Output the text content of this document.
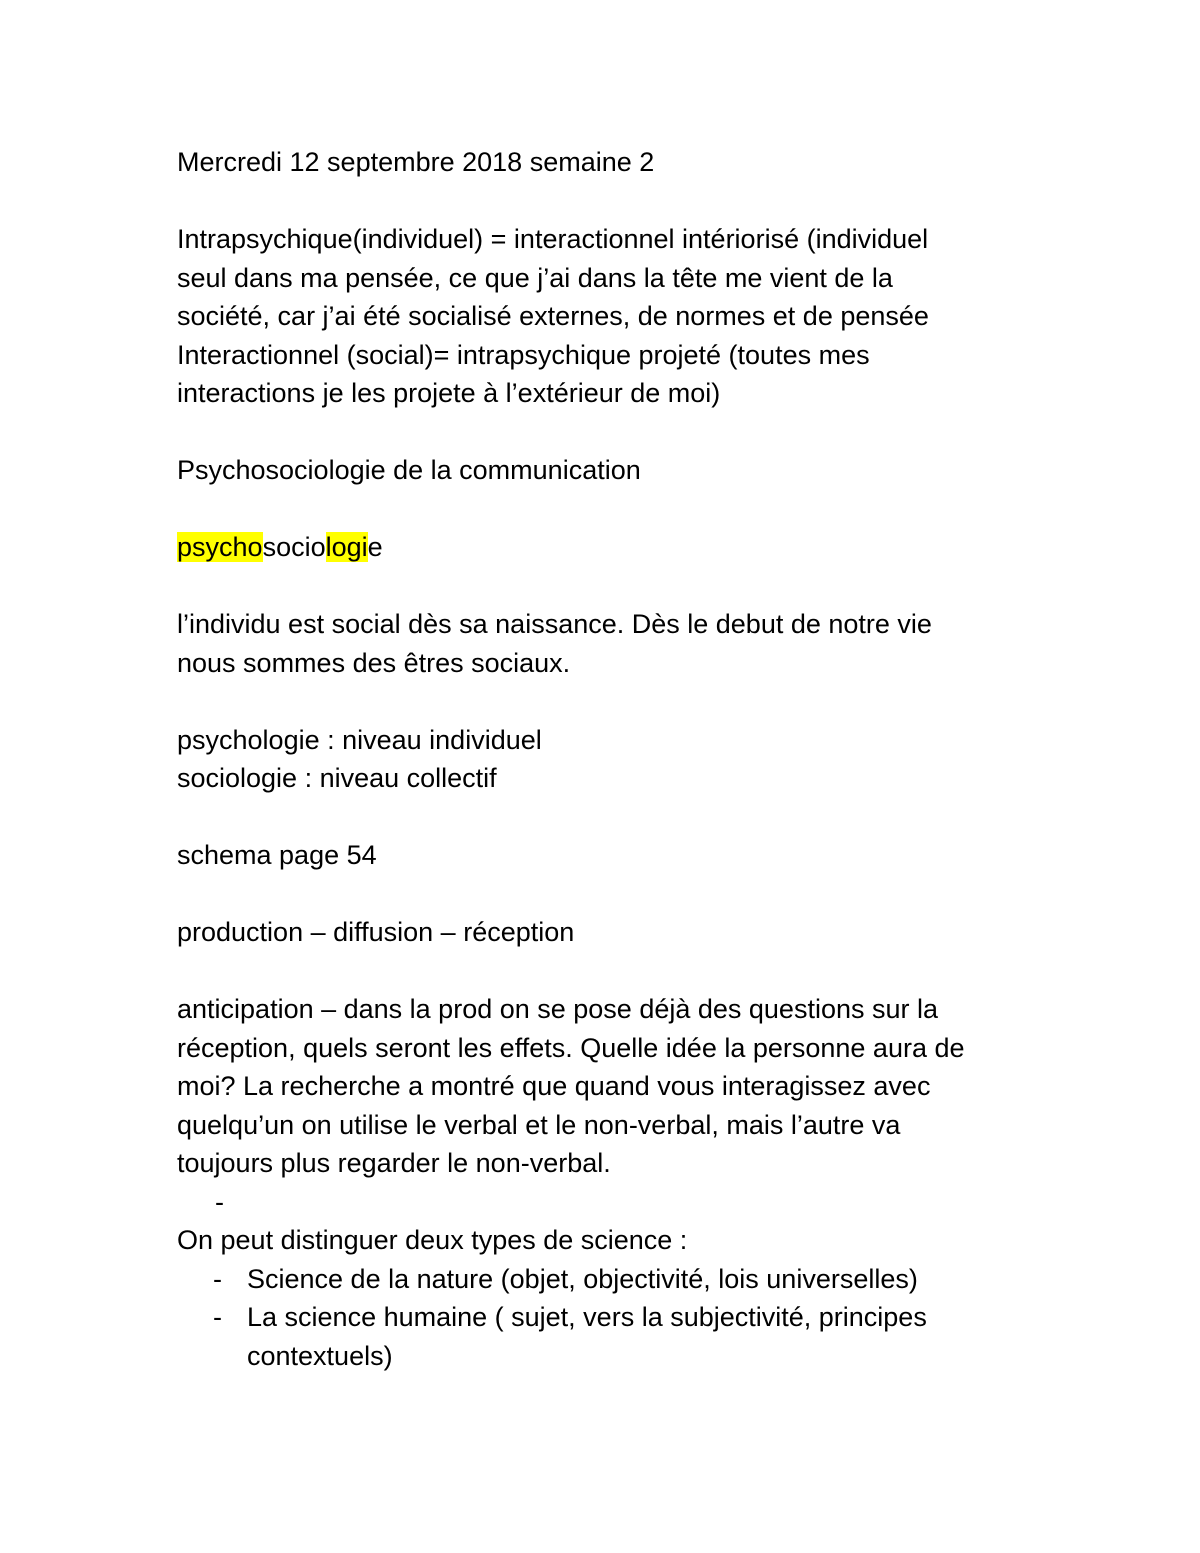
Mercredi 12 septembre 2018 semaine 2
Intrapsychique(individuel) = interactionnel intériorisé (individuel
seul dans ma pensée, ce que j’ai dans la tête me vient de la
société, car j’ai été socialisé externes, de normes et de pensée
Interactionnel (social)= intrapsychique projeté (toutes mes
interactions je les projete à l’extérieur de moi)
Psychosociologie de la communication
psychosociologie
l’individu est social dès sa naissance. Dès le debut de notre vie
nous sommes des êtres sociaux.
psychologie : niveau individuel
sociologie : niveau collectif
schema page 54
production – diffusion – réception
anticipation – dans la prod on se pose déjà des questions sur la
réception, quels seront les effets. Quelle idée la personne aura de
moi? La recherche a montré que quand vous interagissez avec
quelqu’un on utilise le verbal et le non-verbal, mais l’autre va
toujours plus regarder le non-verbal.
-
On peut distinguer deux types de science :
- Science de la nature (objet, objectivité, lois universelles)
- La science humaine ( sujet, vers la subjectivité, principes contextuels)
